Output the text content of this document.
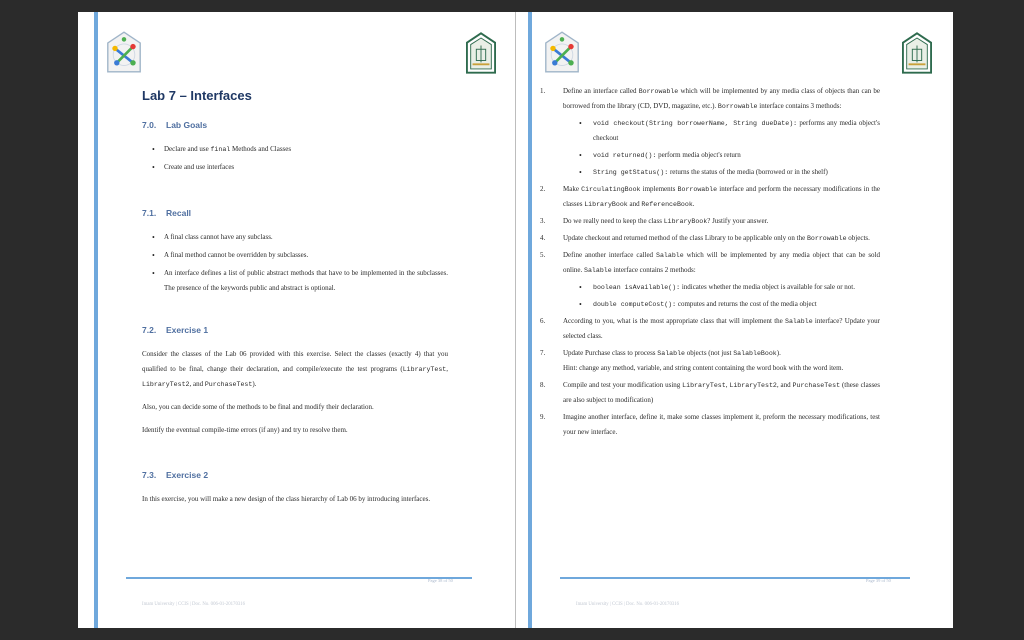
Lab 7 – Interfaces
7.0. Lab Goals
• Declare and use final Methods and Classes
• Create and use interfaces
7.1. Recall
• A final class cannot have any subclass.
• A final method cannot be overridden by subclasses.
• An interface defines a list of public abstract methods that have to be implemented in the subclasses. The presence of the keywords public and abstract is optional.
7.2. Exercise 1

Consider the classes of the Lab 06 provided with this exercise. Select the classes (exactly 4) that you qualified to be final, change their declaration, and compile/execute the test programs (LibraryTest, LibraryTest2, and PurchaseTest).

Also, you can decide some of the methods to be final and modify their declaration.

Identify the eventual compile-time errors (if any) and try to resolve them.

7.3. Exercise 2

In this exercise, you will make a new design of the class hierarchy of Lab 06 by introducing interfaces.

Page 38 of 50
Imam University | CCIS | Doc. No. 006-01-20170316
1.	Define an interface called Borrowable which will be implemented by any media class of objects than can be borrowed from the library (CD, DVD, magazine, etc.). Borrowable interface contains 3 methods:
• void checkout(String borrowerName, String dueDate): performs any media object's checkout
• void returned(): perform media object's return
• String getStatus(): returns the status of the media (borrowed or in the shelf)
2.	Make CirculatingBook implements Borrowable interface and perform the necessary modifications in the classes LibraryBook and ReferenceBook.
3.	Do we really need to keep the class LibraryBook? Justify your answer.
4.	Update checkout and returned method of the class Library to be applicable only on the Borrowable objects.
5.	Define another interface called Salable which will be implemented by any media object that can be sold online. Salable interface contains 2 methods:
• boolean isAvailable(): indicates whether the media object is available for sale or not.
• double computeCost(): computes and returns the cost of the media object
6.	According to you, what is the most appropriate class that will implement the Salable interface? Update your selected class.
7.	Update Purchase class to process Salable objects (not just SalableBook).
Hint: change any method, variable, and string content containing the word book with the word item.
8.	Compile and test your modification using LibraryTest, LibraryTest2, and PurchaseTest (these classes are also subject to modification)
9.	Imagine another interface, define it, make some classes implement it, preform the necessary modifications, test your new interface.
Page 39 of 50
Imam University | CCIS | Doc. No. 006-01-20170316
